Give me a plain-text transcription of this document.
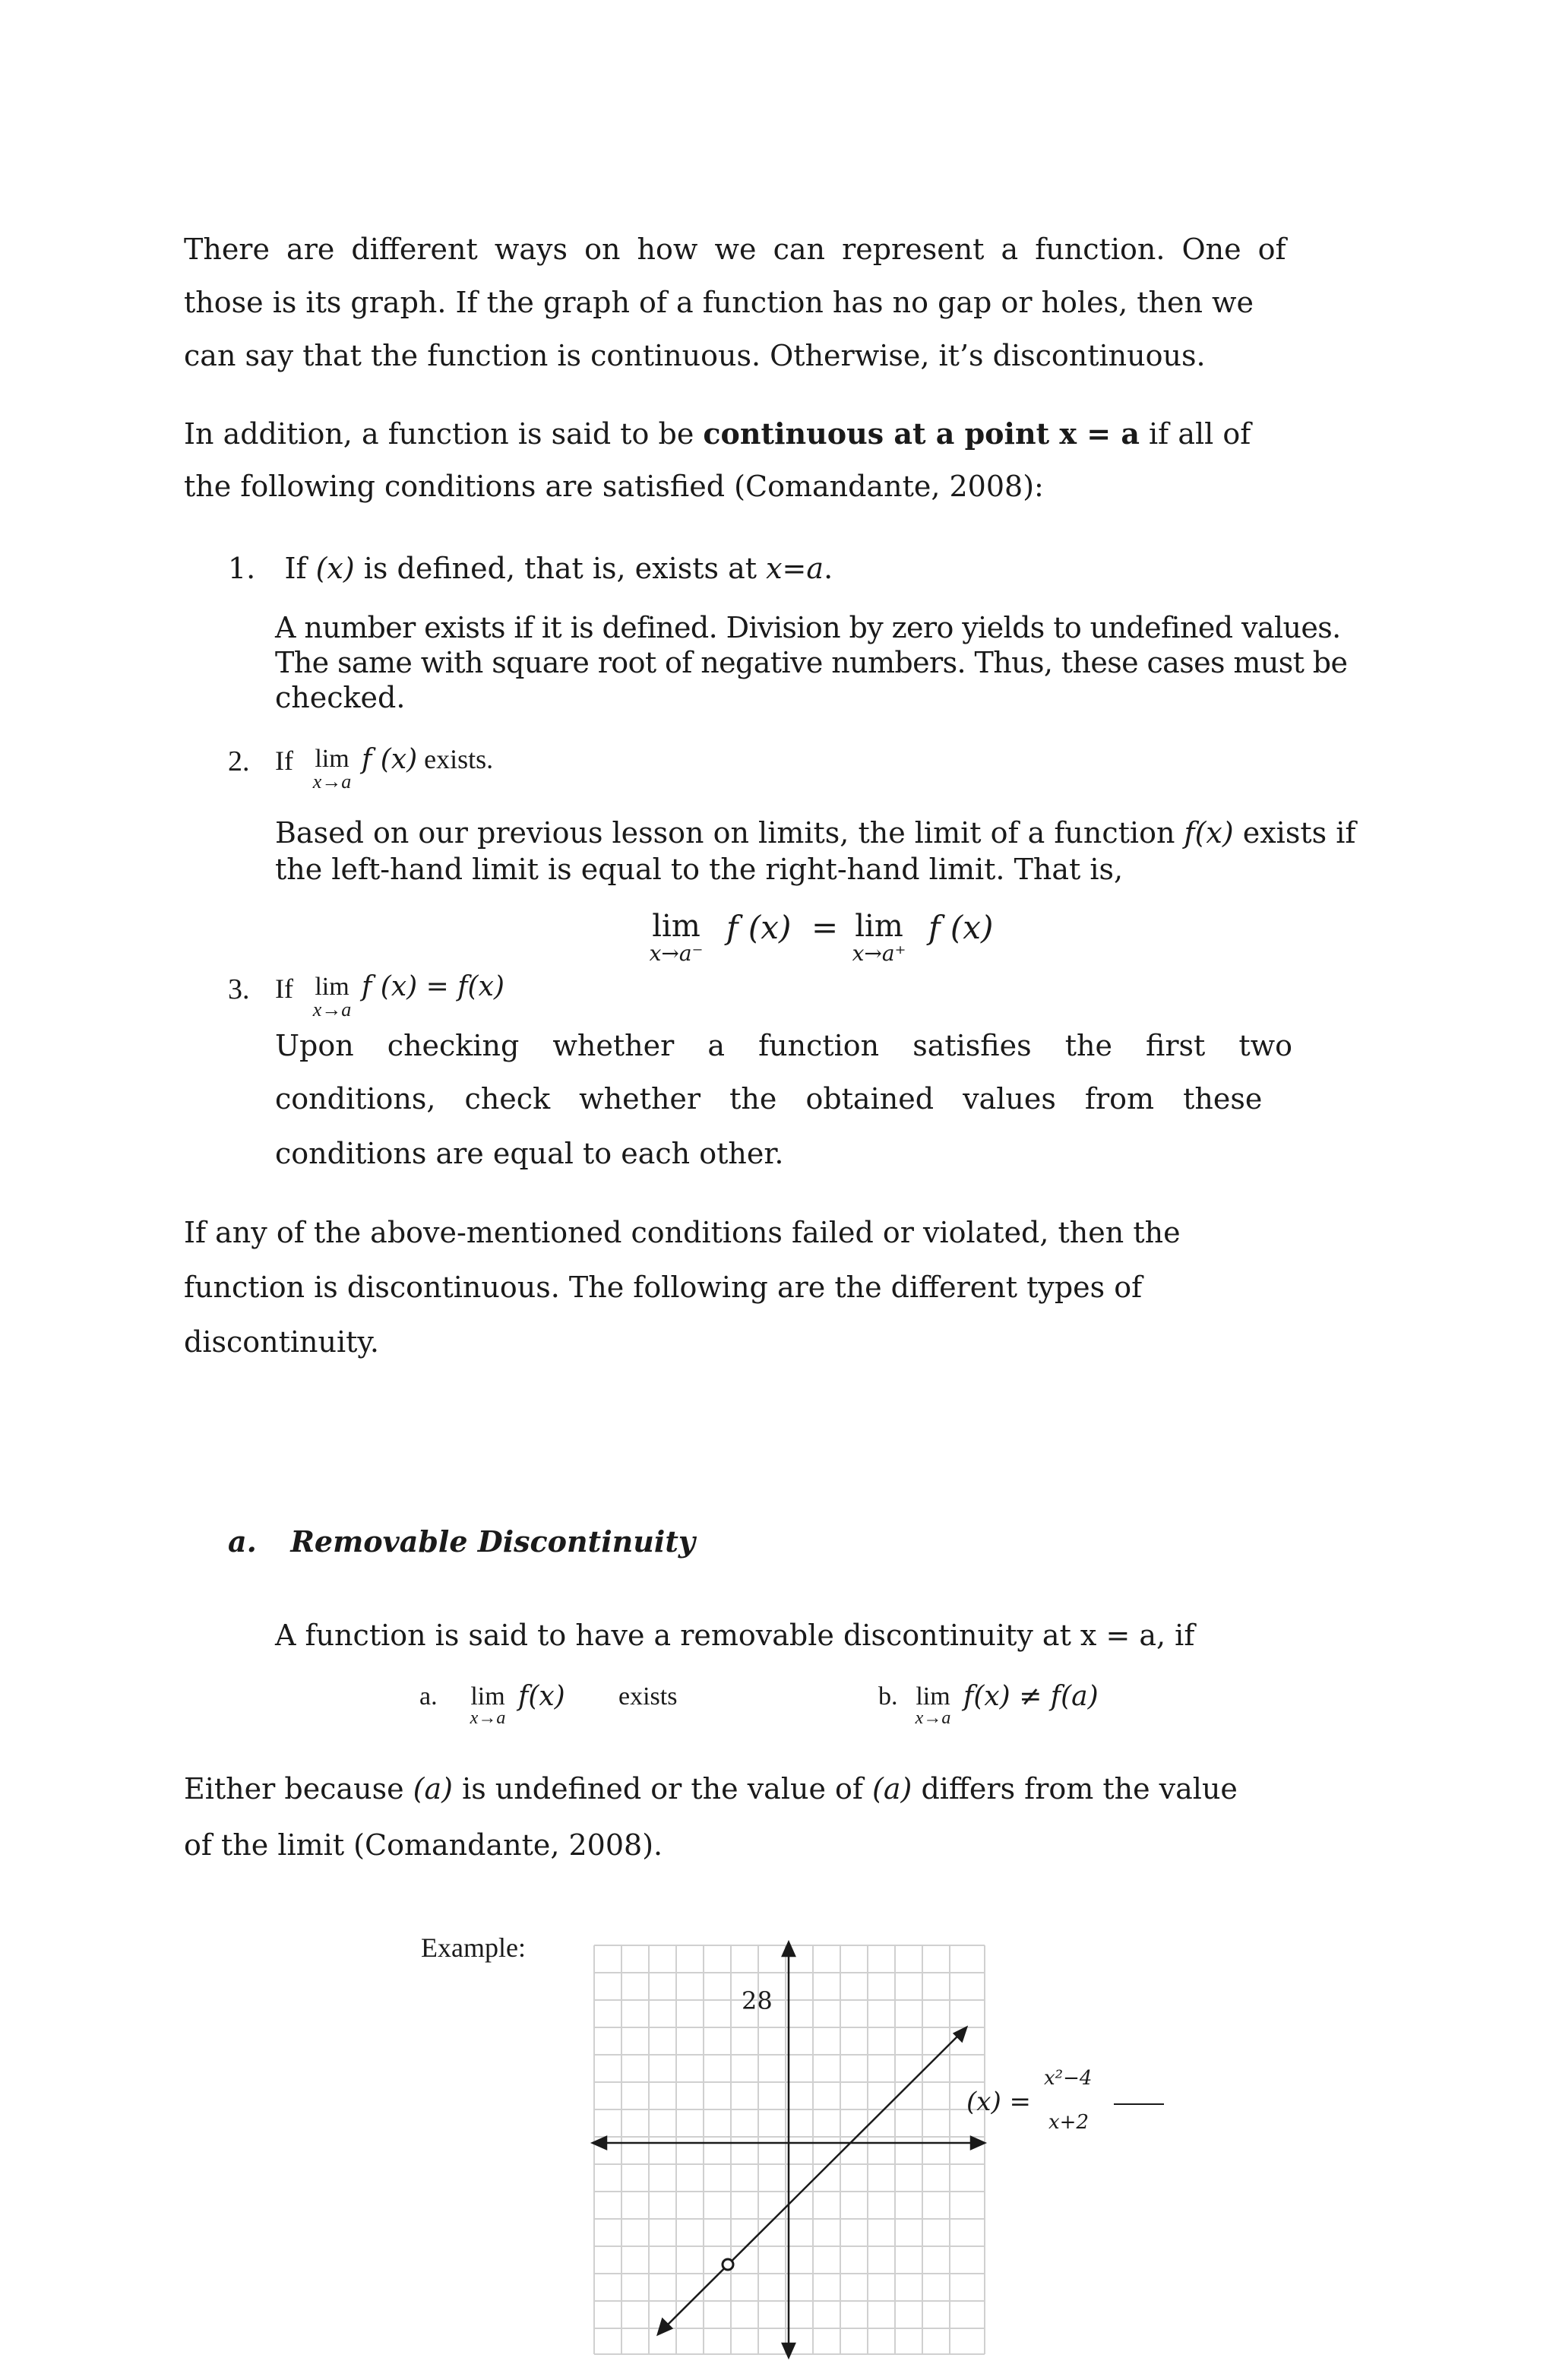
There are different ways on how we can represent a function. One of
those is its graph. If the graph of a function has no gap or holes, then we
can say that the function is continuous. Otherwise, it’s discontinuous.
In addition, a function is said to be continuous at a point x = a if all of
the following conditions are satisfied (Comandante, 2008):
1. If (x) is defined, that is, exists at x=a.
A number exists if it is defined. Division by zero yields to undefined values.
The same with square root of negative numbers. Thus, these cases must be
checked.
2. If lim
x→a
f (x) exists.
Based on our previous lesson on limits, the limit of a function f(x) exists if
the left-hand limit is equal to the right-hand limit. That is,
lim
x→a⁻
f (x) = lim
x→a⁺
f (x)
3. If lim
x→a
f (x) = f(x)
Upon checking whether a function satisfies the first two
conditions, check whether the obtained values from these
conditions are equal to each other.
If any of the above-mentioned conditions failed or violated, then the
function is discontinuous. The following are the different types of
discontinuity.
a. Removable Discontinuity
A function is said to have a removable discontinuity at x = a, if
a.	lim
x→a
f(x) exists	b. lim
x→a
f(x) ≠ f(a)
Either because (a) is undefined or the value of (a) differs from the value
of the limit (Comandante, 2008).
Example:
28
(x) =
x²−4
x+2
